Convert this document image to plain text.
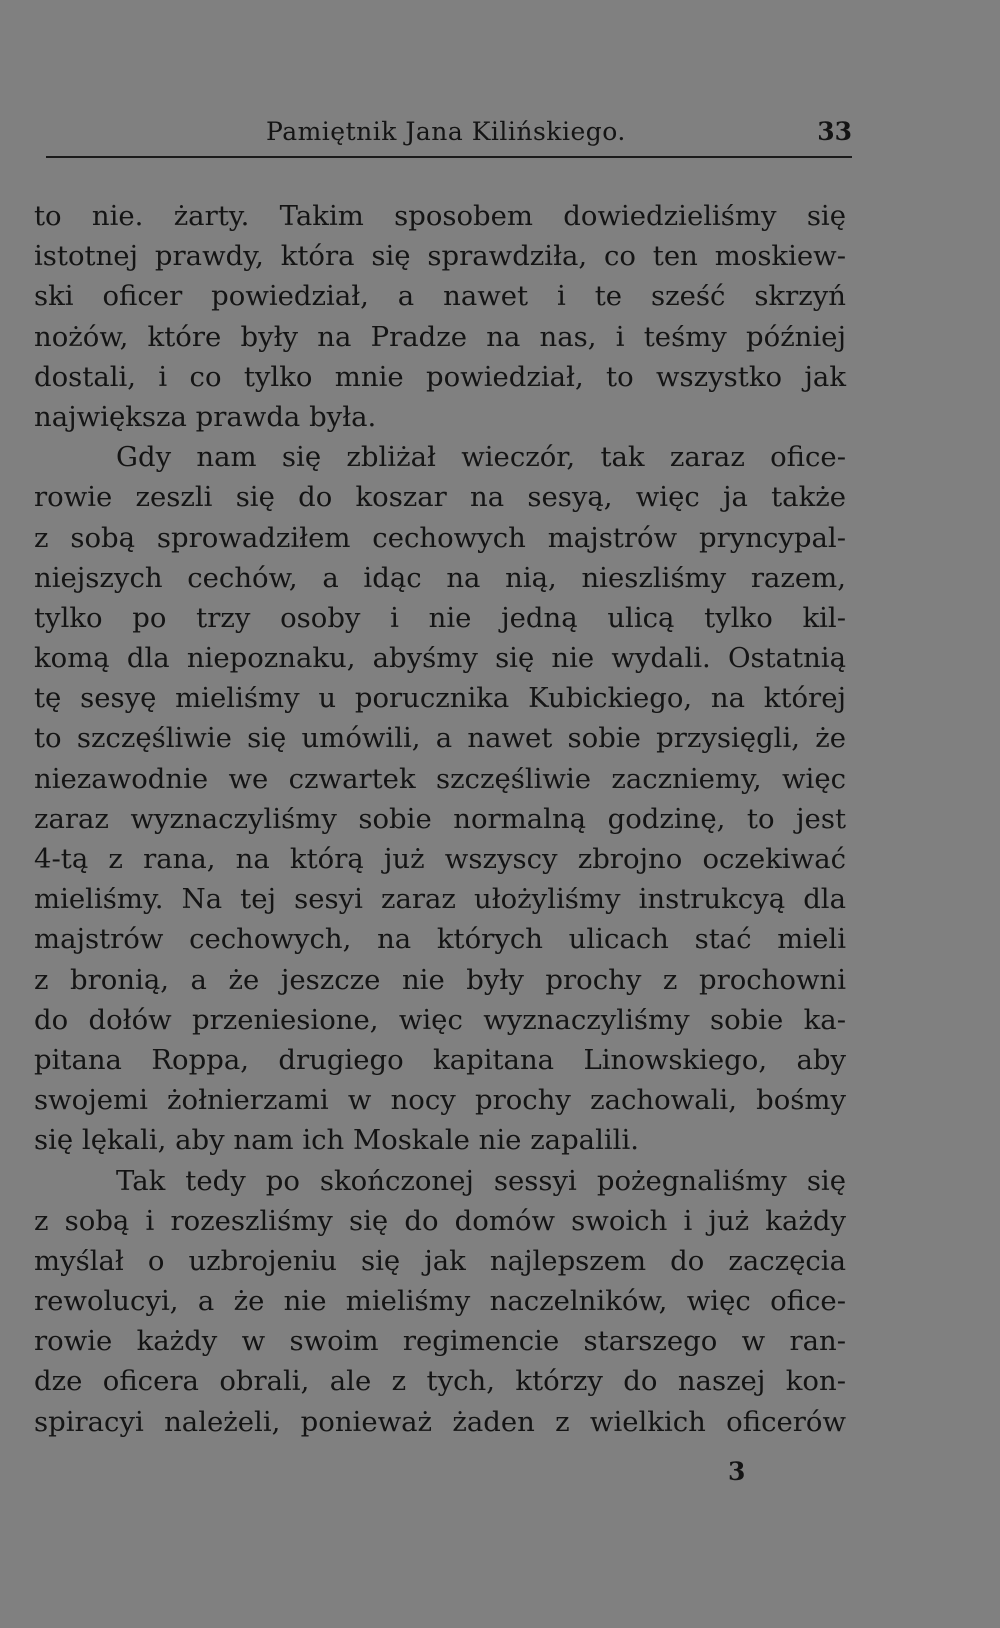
Pamiętnik Jana Kilińskiego.	33
to nie. żarty. Takim sposobem dowiedzieliśmy się
istotnej prawdy, która się sprawdziła, co ten moskiew-
ski oficer powiedział, a nawet i te sześć skrzyń
nożów, które były na Pradze na nas, i teśmy później
dostali, i co tylko mnie powiedział, to wszystko jak
największa prawda była.
Gdy nam się zbliżał wieczór, tak zaraz oficе-
rowie zeszli się do koszar na sesyą, więc ja także
z sobą sprowadziłem cechowych majstrów pryncypal-
niejszych cechów, a idąc na nią, nieszliśmy razem,
tylko po trzy osoby i nie jedną ulicą tylko kil-
komą dla niepoznaku, abyśmy się nie wydali. Ostatnią
tę sesyę mieliśmy u porucznika Kubickiego, na której
to szczęśliwie się umówili, a nawet sobie przysięgli, że
niezawodnie we czwartek szczęśliwie zaczniemy, więc
zaraz wyznaczyliśmy sobie normalną godzinę, to jest
4-tą z rana, na którą już wszyscy zbrojno oczekiwać
mieliśmy. Na tej sesyi zaraz ułożyliśmy instrukcyą dla
majstrów cechowych, na których ulicach stać mieli
z bronią, a że jeszcze nie były prochy z prochowni
do dołów przeniesione, więc wyznaczyliśmy sobie ka-
pitana Roppa, drugiego kapitana Linowskiego, aby
swojemi żołnierzami w nocy prochy zachowali, bośmy
się lękali, aby nam ich Moskale nie zapalili.
Tak tedy po skończonej sessyi pożegnaliśmy się
z sobą i rozeszliśmy się do domów swoich i już każdy
myślał o uzbrojeniu się jak najlepszem do zaczęcia
rewolucyi, a że nie mieliśmy naczelników, więc oficе-
rowie każdy w swoim regimencie starszego w ran-
dze oficera obrali, ale z tych, którzy do naszej kon-
spiracyi należeli, ponieważ żaden z wielkich oficerów
3
